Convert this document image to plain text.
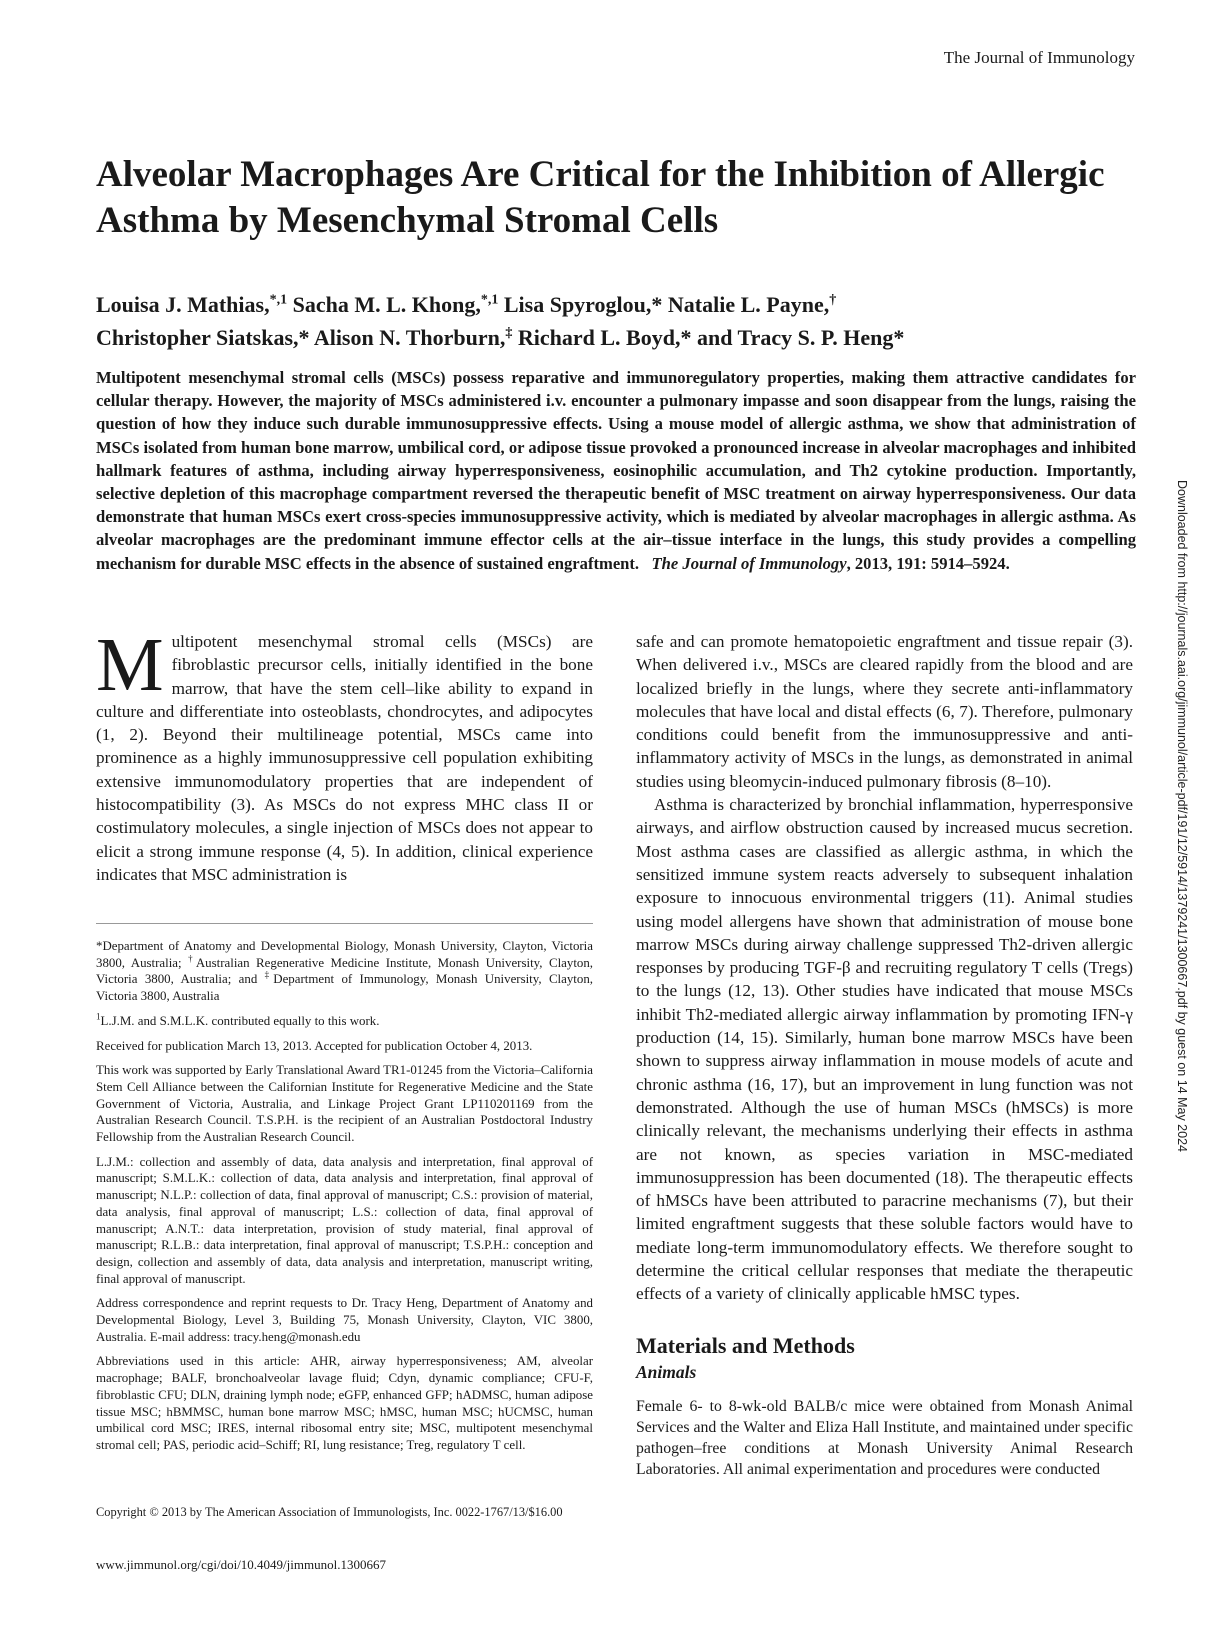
The Journal of Immunology
Alveolar Macrophages Are Critical for the Inhibition of Allergic Asthma by Mesenchymal Stromal Cells
Louisa J. Mathias,$^{*,1}$ Sacha M. L. Khong,$^{*,1}$ Lisa Spyroglou,* Natalie L. Payne,†
Christopher Siatskas,* Alison N. Thorburn,‡ Richard L. Boyd,* and Tracy S. P. Heng*
Multipotent mesenchymal stromal cells (MSCs) possess reparative and immunoregulatory properties, making them attractive candidates for cellular therapy. However, the majority of MSCs administered i.v. encounter a pulmonary impasse and soon disappear from the lungs, raising the question of how they induce such durable immunosuppressive effects. Using a mouse model of allergic asthma, we show that administration of MSCs isolated from human bone marrow, umbilical cord, or adipose tissue provoked a pronounced increase in alveolar macrophages and inhibited hallmark features of asthma, including airway hyperresponsiveness, eosinophilic accumulation, and Th2 cytokine production. Importantly, selective depletion of this macrophage compartment reversed the therapeutic benefit of MSC treatment on airway hyperresponsiveness. Our data demonstrate that human MSCs exert cross-species immunosuppressive activity, which is mediated by alveolar macrophages in allergic asthma. As alveolar macrophages are the predominant immune effector cells at the air–tissue interface in the lungs, this study provides a compelling mechanism for durable MSC effects in the absence of sustained engraftment. The Journal of Immunology, 2013, 191: 5914–5924.	Downloaded from http://journals.aai.org/jimmunol/article-pdf/191/12/5914/1379241/1300667.pdf by guest on 14 May 2024

Multipotent mesenchymal stromal cells (MSCs) are fibroblastic precursor cells, initially identified in the bone marrow, that have the stem cell–like ability to expand in culture and differentiate into osteoblasts, chondrocytes, and adipocytes (1, 2). Beyond their multilineage potential, MSCs came into prominence as a highly immunosuppressive cell population exhibiting extensive immunomodulatory properties that are independent of histocompatibility (3). As MSCs do not express MHC class II or costimulatory molecules, a single injection of MSCs does not appear to elicit a strong immune response (4, 5). In addition, clinical experience indicates that MSC administration is

*Department of Anatomy and Developmental Biology, Monash University, Clayton, Victoria 3800, Australia; †Australian Regenerative Medicine Institute, Monash University, Clayton, Victoria 3800, Australia; and ‡Department of Immunology, Monash University, Clayton, Victoria 3800, Australia

$^1$L.J.M. and S.M.L.K. contributed equally to this work.

Received for publication March 13, 2013. Accepted for publication October 4, 2013.

This work was supported by Early Translational Award TR1-01245 from the Victoria–California Stem Cell Alliance between the Californian Institute for Regenerative Medicine and the State Government of Victoria, Australia, and Linkage Project Grant LP110201169 from the Australian Research Council. T.S.P.H. is the recipient of an Australian Postdoctoral Industry Fellowship from the Australian Research Council.

L.J.M.: collection and assembly of data, data analysis and interpretation, final approval of manuscript; S.M.L.K.: collection of data, data analysis and interpretation, final approval of manuscript; N.L.P.: collection of data, final approval of manuscript; C.S.: provision of material, data analysis, final approval of manuscript; L.S.: collection of data, final approval of manuscript; A.N.T.: data interpretation, provision of study material, final approval of manuscript; R.L.B.: data interpretation, final approval of manuscript; T.S.P.H.: conception and design, collection and assembly of data, data analysis and interpretation, manuscript writing, final approval of manuscript.

Address correspondence and reprint requests to Dr. Tracy Heng, Department of Anatomy and Developmental Biology, Level 3, Building 75, Monash University, Clayton, VIC 3800, Australia. E-mail address: tracy.heng@monash.edu

Abbreviations used in this article: AHR, airway hyperresponsiveness; AM, alveolar macrophage; BALF, bronchoalveolar lavage fluid; Cdyn, dynamic compliance; CFU-F, fibroblastic CFU; DLN, draining lymph node; eGFP, enhanced GFP; hADMSC, human adipose tissue MSC; hBMMSC, human bone marrow MSC; hMSC, human MSC; hUCMSC, human umbilical cord MSC; IRES, internal ribosomal entry site; MSC, multipotent mesenchymal stromal cell; PAS, periodic acid–Schiff; RI, lung resistance; Treg, regulatory T cell.

Copyright © 2013 by The American Association of Immunologists, Inc. 0022-1767/13/$16.00
www.jimmunol.org/cgi/doi/10.4049/jimmunol.1300667

safe and can promote hematopoietic engraftment and tissue repair (3). When delivered i.v., MSCs are cleared rapidly from the blood and are localized briefly in the lungs, where they secrete anti-inflammatory molecules that have local and distal effects (6, 7). Therefore, pulmonary conditions could benefit from the immunosuppressive and anti-inflammatory activity of MSCs in the lungs, as demonstrated in animal studies using bleomycin-induced pulmonary fibrosis (8–10).

Asthma is characterized by bronchial inflammation, hyperresponsive airways, and airflow obstruction caused by increased mucus secretion. Most asthma cases are classified as allergic asthma, in which the sensitized immune system reacts adversely to subsequent inhalation exposure to innocuous environmental triggers (11). Animal studies using model allergens have shown that administration of mouse bone marrow MSCs during airway challenge suppressed Th2-driven allergic responses by producing TGF-β and recruiting regulatory T cells (Tregs) to the lungs (12, 13). Other studies have indicated that mouse MSCs inhibit Th2-mediated allergic airway inflammation by promoting IFN-γ production (14, 15). Similarly, human bone marrow MSCs have been shown to suppress airway inflammation in mouse models of acute and chronic asthma (16, 17), but an improvement in lung function was not demonstrated. Although the use of human MSCs (hMSCs) is more clinically relevant, the mechanisms underlying their effects in asthma are not known, as species variation in MSC-mediated immunosuppression has been documented (18). The therapeutic effects of hMSCs have been attributed to paracrine mechanisms (7), but their limited engraftment suggests that these soluble factors would have to mediate long-term immunomodulatory effects. We therefore sought to determine the critical cellular responses that mediate the therapeutic effects of a variety of clinically applicable hMSC types.

Materials and Methods
Animals

Female 6- to 8-wk-old BALB/c mice were obtained from Monash Animal Services and the Walter and Eliza Hall Institute, and maintained under specific pathogen–free conditions at Monash University Animal Research Laboratories. All animal experimentation and procedures were conducted
